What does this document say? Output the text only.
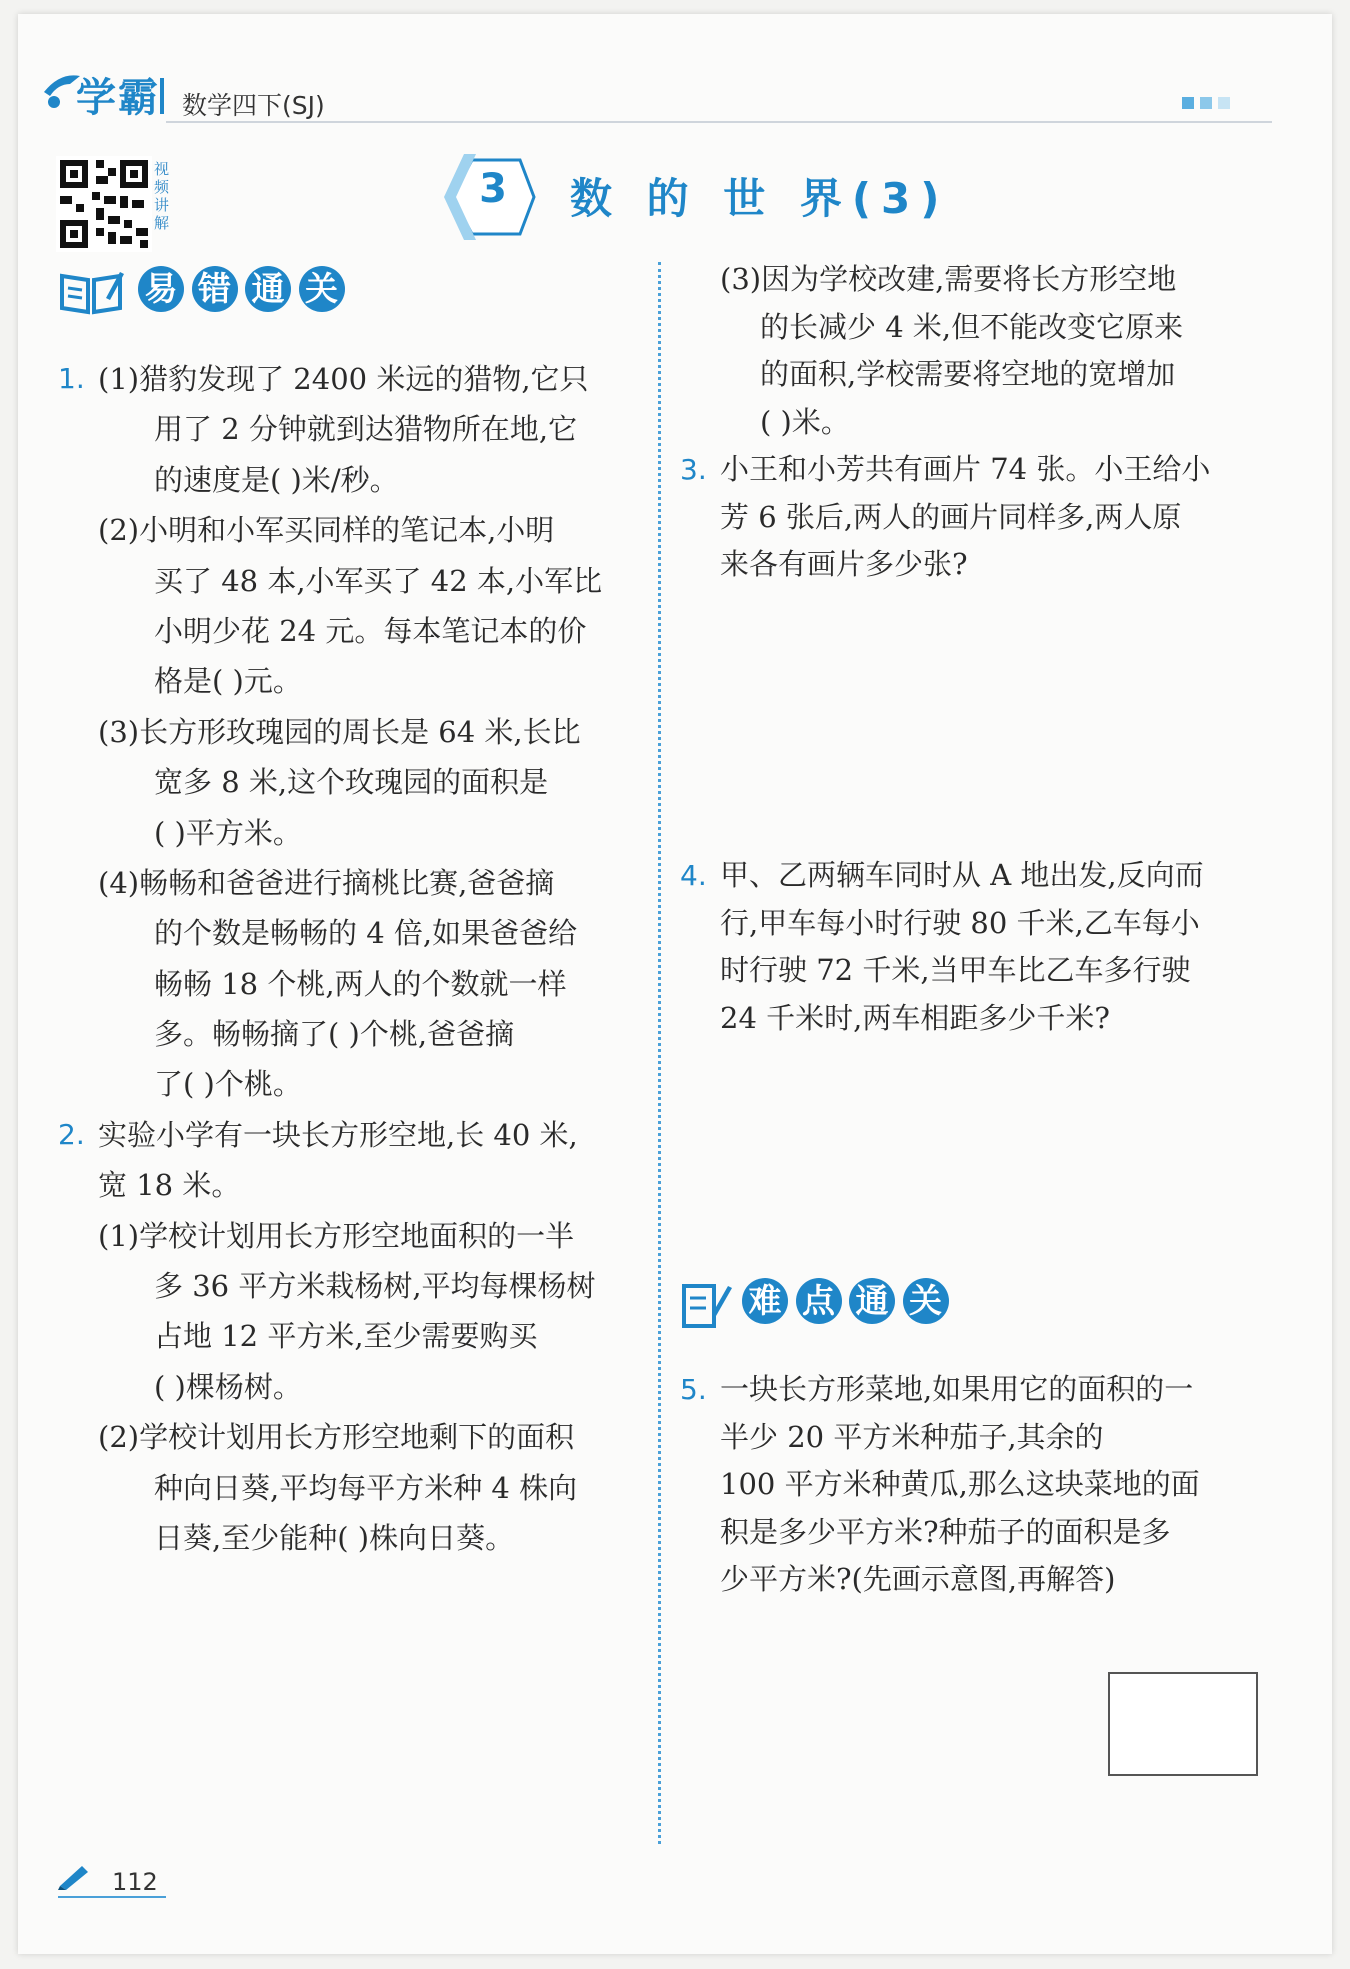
学霸 数学四下(SJ)
视频讲解
3 数 的 世 界(3)
易 错 通 关
1. (1)猎豹发现了 2400 米远的猎物,它只
用了 2 分钟就到达猎物所在地,它
的速度是( )米/秒。
(2)小明和小军买同样的笔记本,小明
买了 48 本,小军买了 42 本,小军比
小明少花 24 元。每本笔记本的价
格是( )元。
(3)长方形玫瑰园的周长是 64 米,长比
宽多 8 米,这个玫瑰园的面积是
( )平方米。
(4)畅畅和爸爸进行摘桃比赛,爸爸摘
的个数是畅畅的 4 倍,如果爸爸给
畅畅 18 个桃,两人的个数就一样
多。畅畅摘了( )个桃,爸爸摘
了( )个桃。
2. 实验小学有一块长方形空地,长 40 米,
宽 18 米。
(1)学校计划用长方形空地面积的一半
多 36 平方米栽杨树,平均每棵杨树
占地 12 平方米,至少需要购买
( )棵杨树。
(2)学校计划用长方形空地剩下的面积
种向日葵,平均每平方米种 4 株向
日葵,至少能种( )株向日葵。
(3)因为学校改建,需要将长方形空地
的长减少 4 米,但不能改变它原来
的面积,学校需要将空地的宽增加
( )米。
3. 小王和小芳共有画片 74 张。小王给小
芳 6 张后,两人的画片同样多,两人原
来各有画片多少张?
4. 甲、乙两辆车同时从 A 地出发,反向而
行,甲车每小时行驶 80 千米,乙车每小
时行驶 72 千米,当甲车比乙车多行驶
24 千米时,两车相距多少千米?
难 点 通 关
5. 一块长方形菜地,如果用它的面积的一
半少 20 平方米种茄子,其余的
100 平方米种黄瓜,那么这块菜地的面
积是多少平方米?种茄子的面积是多
少平方米?(先画示意图,再解答)
112
